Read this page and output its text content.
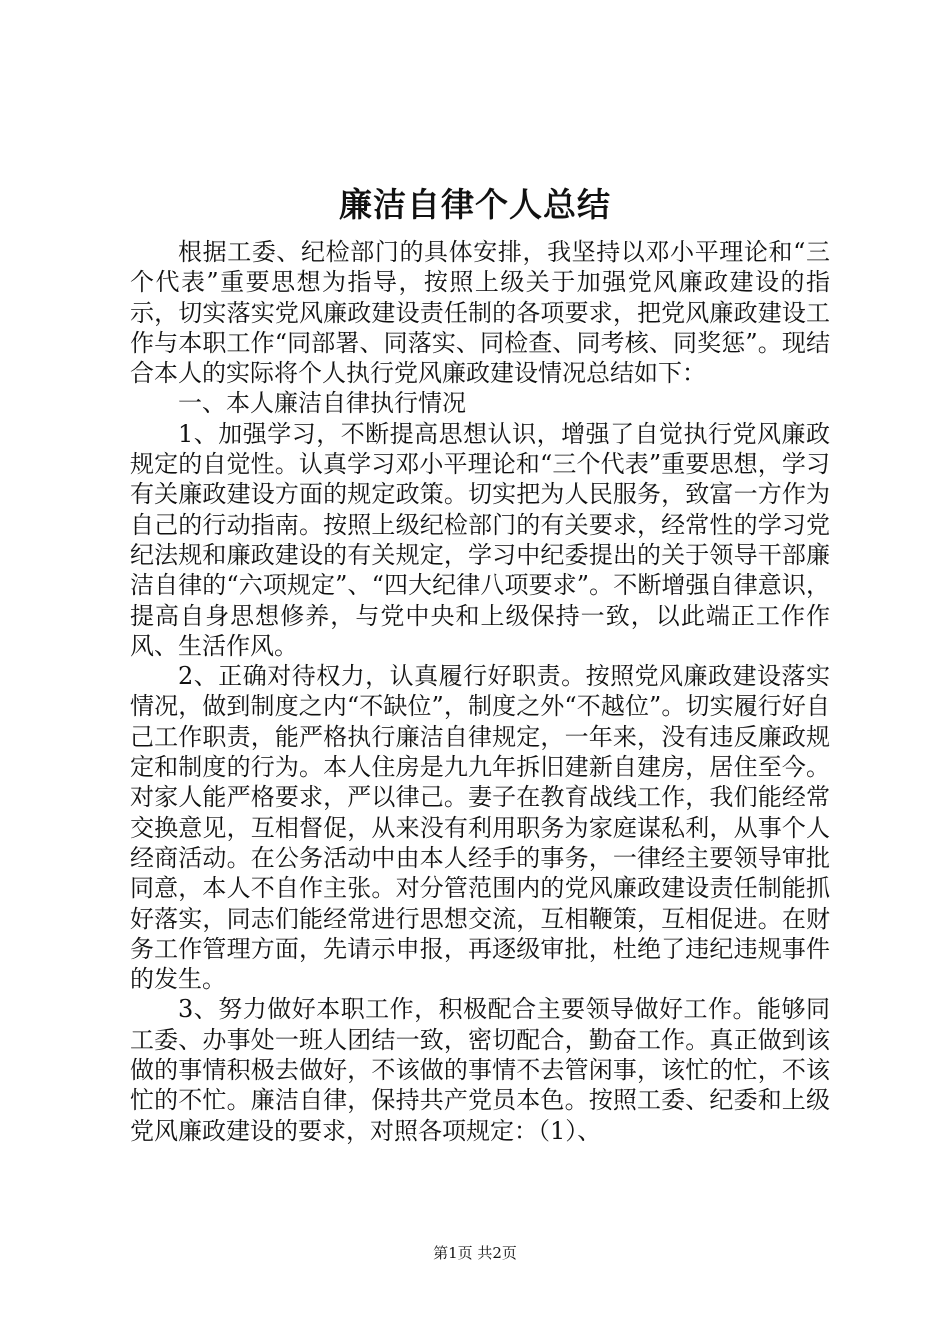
廉洁自律个人总结

根据工委、纪检部门的具体安排，我坚持以邓小平理论和“三个代表”重要思想为指导，按照上级关于加强党风廉政建设的指示，切实落实党风廉政建设责任制的各项要求，把党风廉政建设工作与本职工作“同部署、同落实、同检查、同考核、同奖惩”。现结合本人的实际将个人执行党风廉政建设情况总结如下：

一、本人廉洁自律执行情况

1、加强学习，不断提高思想认识，增强了自觉执行党风廉政规定的自觉性。认真学习邓小平理论和“三个代表”重要思想，学习有关廉政建设方面的规定政策。切实把为人民服务，致富一方作为自己的行动指南。按照上级纪检部门的有关要求，经常性的学习党纪法规和廉政建设的有关规定，学习中纪委提出的关于领导干部廉洁自律的“六项规定”、“四大纪律八项要求”。不断增强自律意识，提高自身思想修养，与党中央和上级保持一致，以此端正工作作风、生活作风。

2、正确对待权力，认真履行好职责。按照党风廉政建设落实情况，做到制度之内“不缺位”，制度之外“不越位”。切实履行好自己工作职责，能严格执行廉洁自律规定，一年来，没有违反廉政规定和制度的行为。本人住房是九九年拆旧建新自建房，居住至今。对家人能严格要求，严以律己。妻子在教育战线工作，我们能经常交换意见，互相督促，从来没有利用职务为家庭谋私利，从事个人经商活动。在公务活动中由本人经手的事务，一律经主要领导审批同意，本人不自作主张。对分管范围内的党风廉政建设责任制能抓好落实，同志们能经常进行思想交流，互相鞭策，互相促进。在财务工作管理方面，先请示申报，再逐级审批，杜绝了违纪违规事件的发生。

3、努力做好本职工作，积极配合主要领导做好工作。能够同工委、办事处一班人团结一致，密切配合，勤奋工作。真正做到该做的事情积极去做好，不该做的事情不去管闲事，该忙的忙，不该忙的不忙。廉洁自律，保持共产党员本色。按照工委、纪委和上级党风廉政建设的要求，对照各项规定：（1）、

第1页 共2页
